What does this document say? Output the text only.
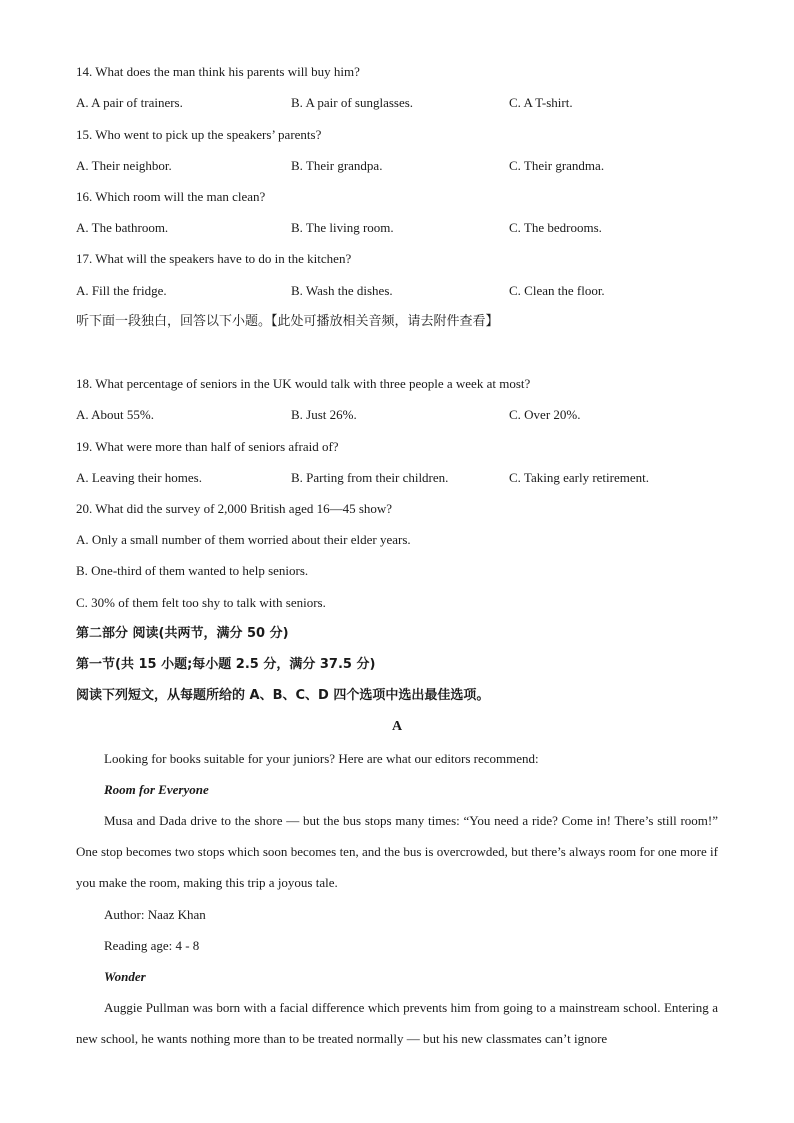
14. What does the man think his parents will buy him?
A. A pair of trainers.	B. A pair of sunglasses.	C. A T-shirt.
15. Who went to pick up the speakers’ parents?
A. Their neighbor.	B. Their grandpa.	C. Their grandma.
16. Which room will the man clean?
A. The bathroom.	B. The living room.	C. The bedrooms.
17. What will the speakers have to do in the kitchen?
A. Fill the fridge.	B. Wash the dishes.	C. Clean the floor.
听下面一段独白，回答以下小题。【此处可播放相关音频，请去附件查看】
18. What percentage of seniors in the UK would talk with three people a week at most?
A. About 55%.	B. Just 26%.	C. Over 20%.
19. What were more than half of seniors afraid of?
A. Leaving their homes.	B. Parting from their children.	C. Taking early retirement.
20. What did the survey of 2,000 British aged 16—45 show?
A. Only a small number of them worried about their elder years.
B. One-third of them wanted to help seniors.
C. 30% of them felt too shy to talk with seniors.
第二部分 阅读(共两节，满分 50 分)
第一节(共 15 小题;每小题 2.5 分，满分 37.5 分)
阅读下列短文，从每题所给的 A、B、C、D 四个选项中选出最佳选项。
A
Looking for books suitable for your juniors? Here are what our editors recommend:
Room for Everyone
Musa and Dada drive to the shore — but the bus stops many times: “You need a ride? Come in! There’s still room!” One stop becomes two stops which soon becomes ten, and the bus is overcrowded, but there’s always room for one more if you make the room, making this trip a joyous tale.
Author: Naaz Khan
Reading age: 4 - 8
Wonder
Auggie Pullman was born with a facial difference which prevents him from going to a mainstream school. Entering a new school, he wants nothing more than to be treated normally — but his new classmates can’t ignore
